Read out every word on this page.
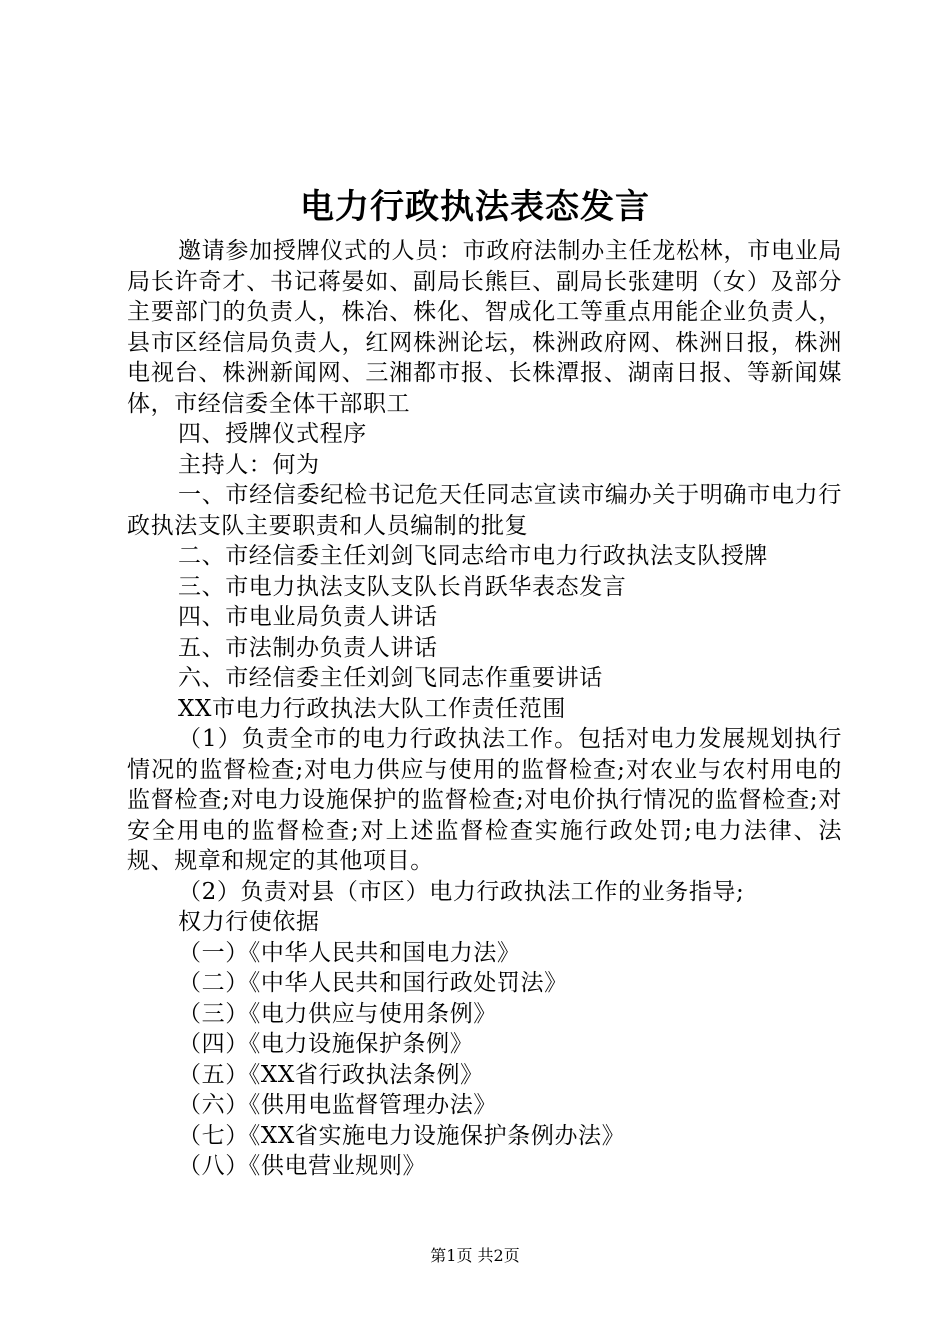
电力行政执法表态发言

邀请参加授牌仪式的人员：市政府法制办主任龙松林，市电业局局长许奇才、书记蒋晏如、副局长熊巨、副局长张建明（女）及部分主要部门的负责人，株冶、株化、智成化工等重点用能企业负责人，县市区经信局负责人，红网株洲论坛，株洲政府网、株洲日报，株洲电视台、株洲新闻网、三湘都市报、长株潭报、湖南日报、等新闻媒体，市经信委全体干部职工

四、授牌仪式程序

主持人：何为

一、市经信委纪检书记危天任同志宣读市编办关于明确市电力行政执法支队主要职责和人员编制的批复

二、市经信委主任刘剑飞同志给市电力行政执法支队授牌

三、市电力执法支队支队长肖跃华表态发言

四、市电业局负责人讲话

五、市法制办负责人讲话

六、市经信委主任刘剑飞同志作重要讲话

XX市电力行政执法大队工作责任范围

（1）负责全市的电力行政执法工作。包括对电力发展规划执行情况的监督检查;对电力供应与使用的监督检查;对农业与农村用电的监督检查;对电力设施保护的监督检查;对电价执行情况的监督检查;对安全用电的监督检查;对上述监督检查实施行政处罚;电力法律、法规、规章和规定的其他项目。

（2）负责对县（市区）电力行政执法工作的业务指导;

权力行使依据

（一）《中华人民共和国电力法》

（二）《中华人民共和国行政处罚法》

（三）《电力供应与使用条例》

（四）《电力设施保护条例》

（五）《XX省行政执法条例》

（六）《供用电监督管理办法》

（七）《XX省实施电力设施保护条例办法》

（八）《供电营业规则》

第1页 共2页
